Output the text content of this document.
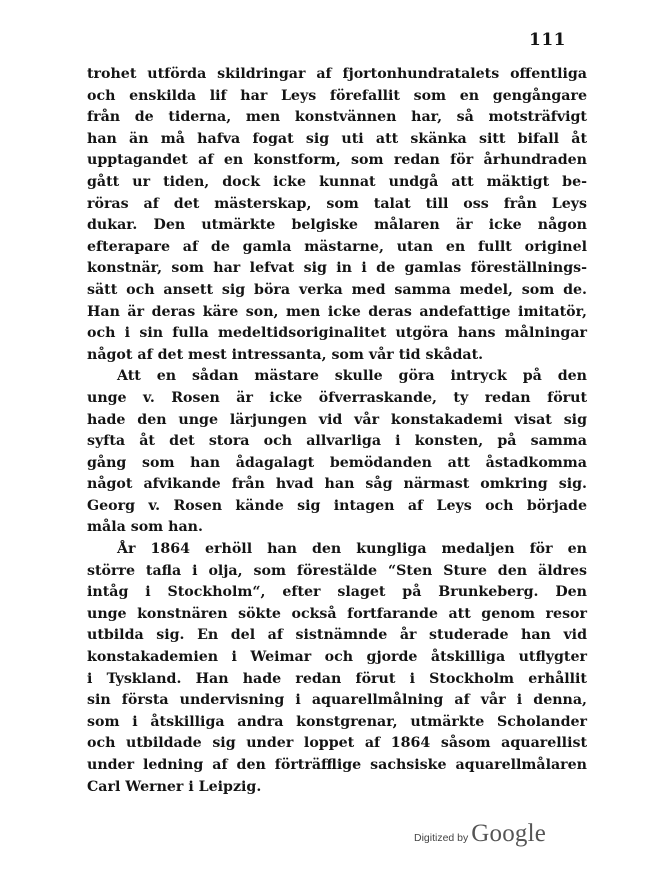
111
trohet utförda skildringar af fjortonhundratalets offentliga
och enskilda lif har Leys förefallit som en gengångare
från de tiderna, men konstvännen har, så motsträfvigt
han än må hafva fogat sig uti att skänka sitt bifall åt
upptagandet af en konstform, som redan för århundraden
gått ur tiden, dock icke kunnat undgå att mäktigt be-
röras af det mästerskap, som talat till oss från Leys
dukar. Den utmärkte belgiske målaren är icke någon
efterapare af de gamla mästarne, utan en fullt originel
konstnär, som har lefvat sig in i de gamlas föreställnings-
sätt och ansett sig böra verka med samma medel, som de.
Han är deras käre son, men icke deras andefattige imitatör,
och i sin fulla medeltidsoriginalitet utgöra hans målningar
något af det mest intressanta, som vår tid skådat.
Att en sådan mästare skulle göra intryck på den
unge v. Rosen är icke öfverraskande, ty redan förut
hade den unge lärjungen vid vår konstakademi visat sig
syfta åt det stora och allvarliga i konsten, på samma
gång som han ådagalagt bemödanden att åstadkomma
något afvikande från hvad han såg närmast omkring sig.
Georg v. Rosen kände sig intagen af Leys och började
måla som han.
År 1864 erhöll han den kungliga medaljen för en
större tafla i olja, som förestälde “Sten Sture den äldres
intåg i Stockholm“, efter slaget på Brunkeberg. Den
unge konstnären sökte också fortfarande att genom resor
utbilda sig. En del af sistnämnde år studerade han vid
konstakademien i Weimar och gjorde åtskilliga utflygter
i Tyskland. Han hade redan förut i Stockholm erhållit
sin första undervisning i aquarellmålning af vår i denna,
som i åtskilliga andra konstgrenar, utmärkte Scholander
och utbildade sig under loppet af 1864 såsom aquarellist
under ledning af den förträfflige sachsiske aquarellmålaren
Carl Werner i Leipzig.
Digitized by Google
